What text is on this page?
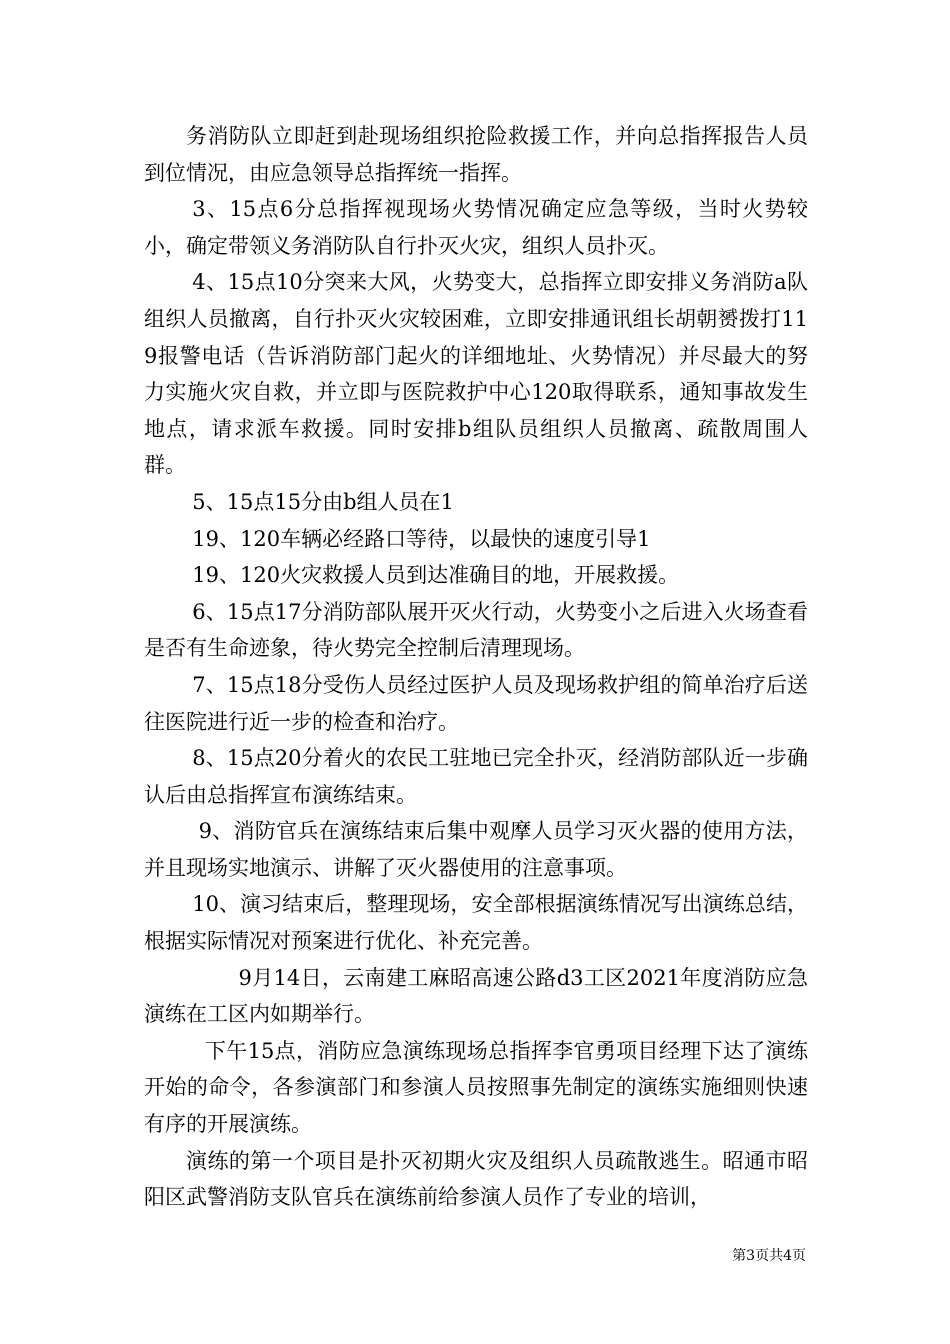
务消防队立即赶到赴现场组织抢险救援工作，并向总指挥报告人员到位情况，由应急领导总指挥统一指挥。

3、15点6分总指挥视现场火势情况确定应急等级，当时火势较小，确定带领义务消防队自行扑灭火灾，组织人员扑灭。

4、15点10分突来大风，火势变大，总指挥立即安排义务消防a队组织人员撤离，自行扑灭火灾较困难，立即安排通讯组长胡朝赟拨打119报警电话（告诉消防部门起火的详细地址、火势情况）并尽最大的努力实施火灾自救，并立即与医院救护中心120取得联系，通知事故发生地点，请求派车救援。同时安排b组队员组织人员撤离、疏散周围人群。

5、15点15分由b组人员在1

19、120车辆必经路口等待，以最快的速度引导1

19、120火灾救援人员到达准确目的地，开展救援。

6、15点17分消防部队展开灭火行动，火势变小之后进入火场查看是否有生命迹象，待火势完全控制后清理现场。

7、15点18分受伤人员经过医护人员及现场救护组的简单治疗后送往医院进行近一步的检查和治疗。

8、15点20分着火的农民工驻地已完全扑灭，经消防部队近一步确认后由总指挥宣布演练结束。

9、消防官兵在演练结束后集中观摩人员学习灭火器的使用方法，并且现场实地演示、讲解了灭火器使用的注意事项。

10、演习结束后，整理现场，安全部根据演练情况写出演练总结，根据实际情况对预案进行优化、补充完善。

9月14日，云南建工麻昭高速公路d3工区2021年度消防应急演练在工区内如期举行。

下午15点，消防应急演练现场总指挥李官勇项目经理下达了演练开始的命令，各参演部门和参演人员按照事先制定的演练实施细则快速有序的开展演练。

演练的第一个项目是扑灭初期火灾及组织人员疏散逃生。昭通市昭阳区武警消防支队官兵在演练前给参演人员作了专业的培训，

第3页共4页
